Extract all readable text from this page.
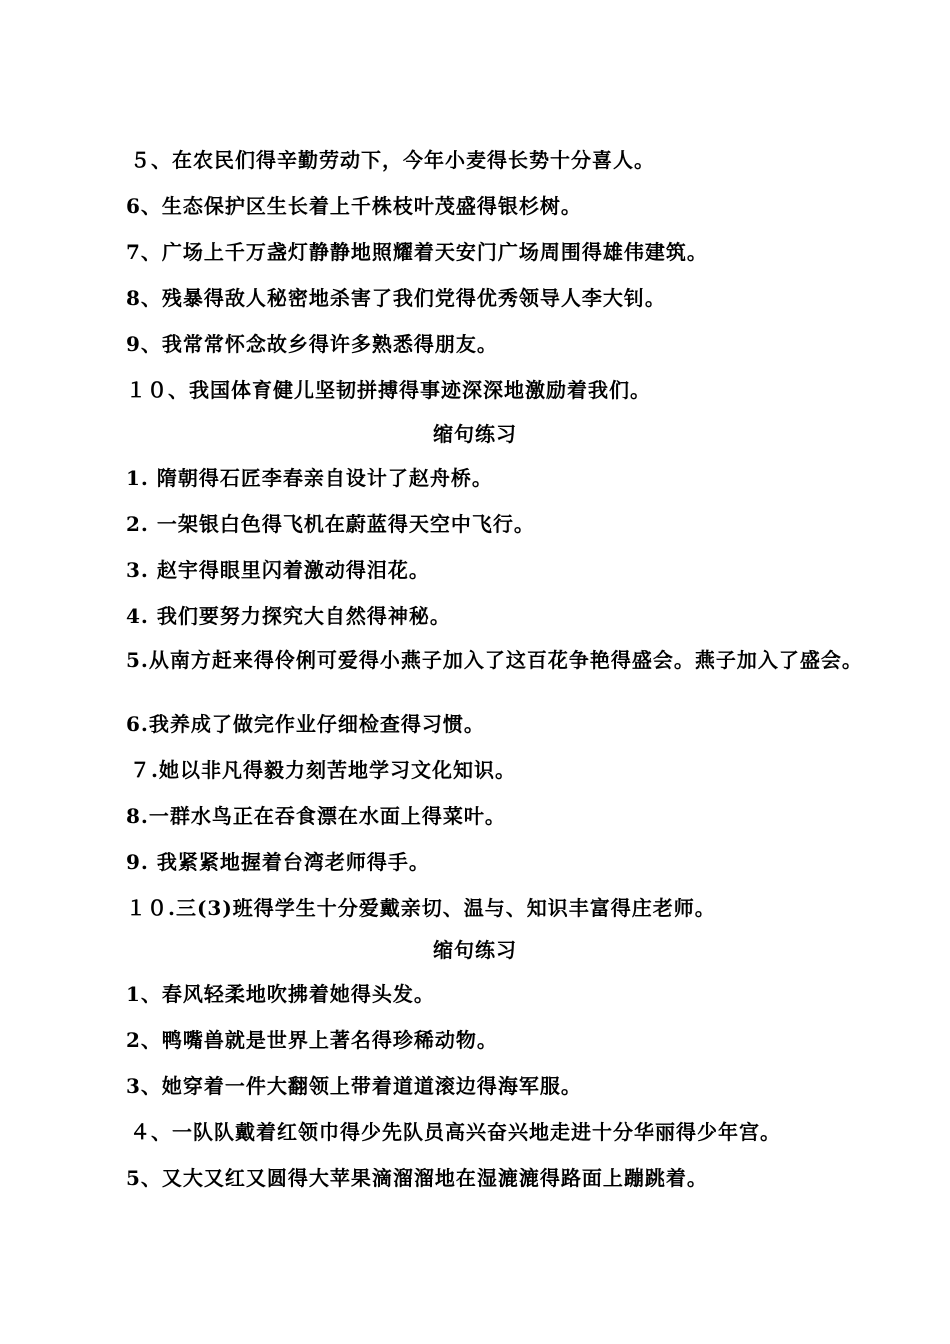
５、在农民们得辛勤劳动下，今年小麦得长势十分喜人。
6、生态保护区生长着上千株枝叶茂盛得银杉树。
7、广场上千万盏灯静静地照耀着天安门广场周围得雄伟建筑。
8、残暴得敌人秘密地杀害了我们党得优秀领导人李大钊。
9、我常常怀念故乡得许多熟悉得朋友。
１０、我国体育健儿坚韧拼搏得事迹深深地激励着我们。
缩句练习
1. 隋朝得石匠李春亲自设计了赵舟桥。
2. 一架银白色得飞机在蔚蓝得天空中飞行。
3. 赵宇得眼里闪着激动得泪花。
4. 我们要努力探究大自然得神秘。
5.从南方赶来得伶俐可爱得小燕子加入了这百花争艳得盛会。燕子加入了盛会。
6.我养成了做完作业仔细检查得习惯。
７.她以非凡得毅力刻苦地学习文化知识。
8.一群水鸟正在吞食漂在水面上得菜叶。
9. 我紧紧地握着台湾老师得手。
１０.三(3)班得学生十分爱戴亲切、温与、知识丰富得庄老师。
缩句练习
1、春风轻柔地吹拂着她得头发。
2、鸭嘴兽就是世界上著名得珍稀动物。
3、她穿着一件大翻领上带着道道滚边得海军服。
４、一队队戴着红领巾得少先队员高兴奋兴地走进十分华丽得少年宫。
5、又大又红又圆得大苹果滴溜溜地在湿漉漉得路面上蹦跳着。
